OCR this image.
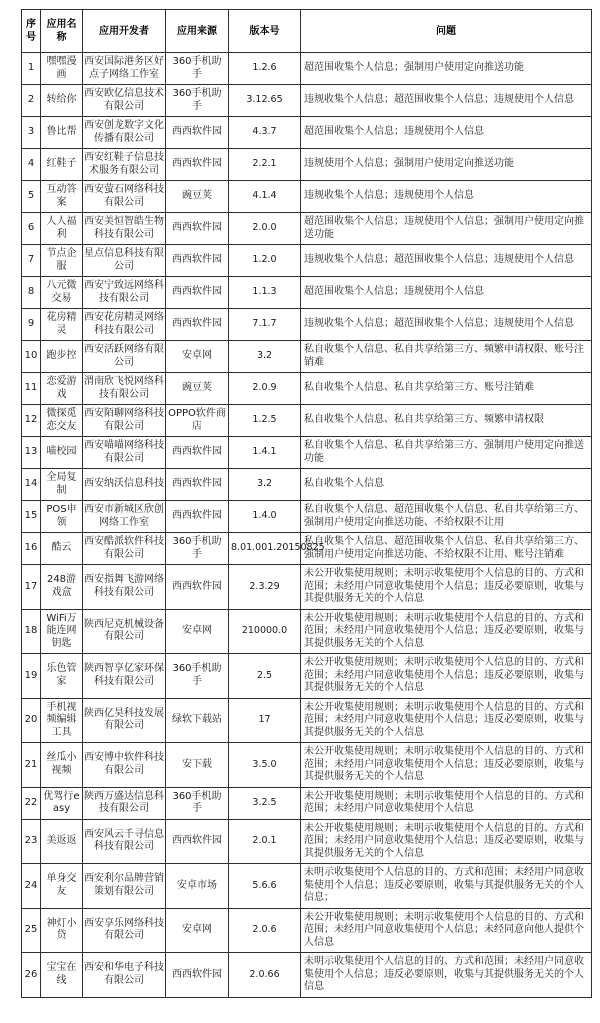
序号	应用名称	应用开发者	应用来源	版本号	问题
1	嘿嘿漫画	西安国际港务区好点子网络工作室	360手机助手	1.2.6	超范围收集个人信息；强制用户使用定向推送功能
2	转给你	西安欧亿信息技术有限公司	360手机助手	3.12.65	违规收集个人信息；超范围收集个人信息；违规使用个人信息
3	鲁比帮	西安创龙数字文化传播有限公司	西西软件园	4.3.7	超范围收集个人信息；违规使用个人信息
4	红鞋子	西安红鞋子信息技术服务有限公司	西西软件园	2.2.1	违规使用个人信息；强制用户使用定向推送功能
5	互动答案	西安萤石网络科技有限公司	豌豆荚	4.1.4	违规收集个人信息；违规使用个人信息
6	人人福利	西安美恒智皓生物科技有限公司	西西软件园	2.0.0	超范围收集个人信息；违规使用个人信息；强制用户使用定向推送功能
7	节点企服	星点信息科技有限公司	西西软件园	1.2.0	违规收集个人信息；超范围收集个人信息；违规使用个人信息
8	八元微交易	西安宁致远网络科技有限公司	西西软件园	1.1.3	超范围收集个人信息；违规使用个人信息
9	花房精灵	西安花房精灵网络科技有限公司	西西软件园	7.1.7	违规收集个人信息；超范围收集个人信息；违规使用个人信息
10	跑步控	西安活跃网络有限公司	安卓网	3.2	私自收集个人信息、私自共享给第三方、频繁申请权限、账号注销难
11	恋爱游戏	渭南欣飞悦网络科技有限公司	豌豆荚	2.0.9	私自收集个人信息、私自共享给第三方、账号注销难
12	微探觅恋交友	西安陌聊网络科技有限公司	OPPO软件商店	1.2.5	私自收集个人信息、私自共享给第三方、频繁申请权限
13	喵校园	西安喵喵网络科技有限公司	西西软件园	1.4.1	私自收集个人信息、私自共享给第三方、强制用户使用定向推送功能
14	全局复制	西安纳沃信息科技	西西软件园	3.2	私自收集个人信息
15	POS申领	西安市新城区欣创网络工作室	西西软件园	1.4.0	私自收集个人信息、超范围收集个人信息、私自共享给第三方、强制用户使用定向推送功能、不给权限不让用
16	酷云	西安酷派软件科技有限公司	360手机助手	8.01.001.20150825	私自收集个人信息、超范围收集个人信息、私自共享给第三方、强制用户使用定向推送功能、不给权限不让用、账号注销难
17	248游戏盒	西安指舞飞游网络科技有限公司	西西软件园	2.3.29	未公开收集使用规则；未明示收集使用个人信息的目的、方式和范围；未经用户同意收集使用个人信息；违反必要原则，收集与其提供服务无关的个人信息
18	WiFi万能连网钥匙	陕西尼克机械设备有限公司	安卓网	210000.0	未公开收集使用规则；未明示收集使用个人信息的目的、方式和范围；未经用户同意收集使用个人信息；违反必要原则，收集与其提供服务无关的个人信息
19	乐色管家	陕西智享亿家环保科技有限公司	360手机助手	2.5	未公开收集使用规则；未明示收集使用个人信息的目的、方式和范围；未经用户同意收集使用个人信息；违反必要原则，收集与其提供服务无关的个人信息
20	手机视频编辑工具	陕西亿昊科技发展有限公司	绿软下载站	17	未公开收集使用规则；未明示收集使用个人信息的目的、方式和范围；未经用户同意收集使用个人信息；违反必要原则，收集与其提供服务无关的个人信息
21	丝瓜小视频	西安博中软件科技有限公司	安下载	3.5.0	未公开收集使用规则；未明示收集使用个人信息的目的、方式和范围；未经用户同意收集使用个人信息；违反必要原则，收集与其提供服务无关的个人信息
22	优驾行easy	陕西万盛达信息科技有限公司	360手机助手	3.2.5	未公开收集使用规则；未明示收集使用个人信息的目的、方式和范围；未经用户同意收集使用个人信息
23	美返返	西安风云千寻信息科技有限公司	西西软件园	2.0.1	未公开收集使用规则；未明示收集使用个人信息的目的、方式和范围；未经用户同意收集使用个人信息；违反必要原则，收集与其提供服务无关的个人信息
24	单身交友	西安利尔品牌营销策划有限公司	安卓市场	5.6.6	未明示收集使用个人信息的目的、方式和范围；未经用户同意收集使用个人信息；违反必要原则，收集与其提供服务无关的个人信息；
25	神灯小贷	西安享乐网络科技有限公司	安卓网	2.0.6	未公开收集使用规则；未明示收集使用个人信息的目的、方式和范围；未经用户同意收集使用个人信息；未经同意向他人提供个人信息
26	宝宝在线	西安和华电子科技有限公司	西西软件园	2.0.66	未明示收集使用个人信息的目的、方式和范围；未经用户同意收集使用个人信息；违反必要原则，收集与其提供服务无关的个人信息
